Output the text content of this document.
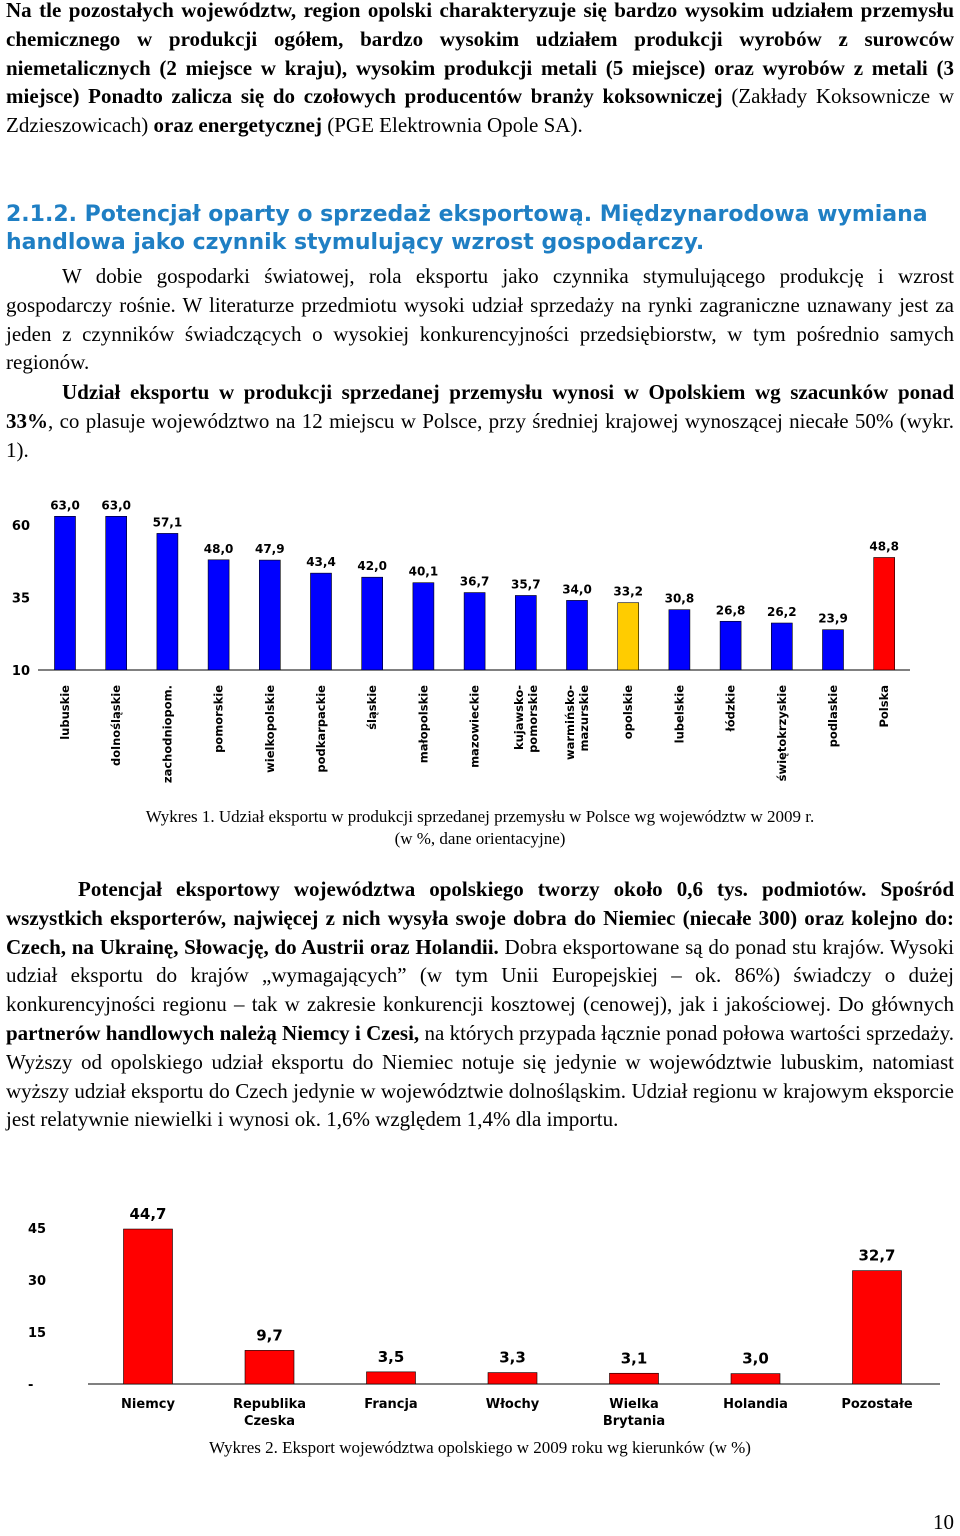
Na tle pozostałych województw, region opolski charakteryzuje się bardzo wysokim udziałem przemysłu chemicznego w produkcji ogółem, bardzo wysokim udziałem produkcji wyrobów z surowców niemetalicznych (2 miejsce w kraju), wysokim produkcji metali (5 miejsce) oraz wyrobów z metali (3 miejsce) Ponadto zalicza się do czołowych producentów branży koksowniczej (Zakłady Koksownicze w Zdzieszowicach) oraz energetycznej (PGE Elektrownia Opole SA).

2.1.2. Potencjał oparty o sprzedaż eksportową. Międzynarodowa wymiana handlowa jako czynnik stymulujący wzrost gospodarczy.

W dobie gospodarki światowej, rola eksportu jako czynnika stymulującego produkcję i wzrost gospodarczy rośnie. W literaturze przedmiotu wysoki udział sprzedaży na rynki zagraniczne uznawany jest za jeden z czynników świadczących o wysokiej konkurencyjności przedsiębiorstw, w tym pośrednio samych regionów.

Udział eksportu w produkcji sprzedanej przemysłu wynosi w Opolskiem wg szacunków ponad 33%, co plasuje województwo na 12 miejscu w Polsce, przy średniej krajowej wynoszącej niecałe 50% (wykr. 1).

10
35
60
63,0
lubuskie
63,0
dolnośląskie
57,1
zachodniopom.
48,0
pomorskie
47,9
wielkopolskie
43,4
podkarpackie
42,0
śląskie
40,1
małopolskie
36,7
mazowieckie
35,7
kujawsko-pomorskie
34,0
warmińsko-mazurskie
33,2
opolskie
30,8
lubelskie
26,8
łódzkie
26,2
świętokrzyskie
23,9
podlaskie
48,8
Polska

Wykres 1. Udział eksportu w produkcji sprzedanej przemysłu w Polsce wg województw w 2009 r.
(w %, dane orientacyjne)

Potencjał eksportowy województwa opolskiego tworzy około 0,6 tys. podmiotów. Spośród wszystkich eksporterów, najwięcej z nich wysyła swoje dobra do Niemiec (niecałe 300) oraz kolejno do: Czech, na Ukrainę, Słowację, do Austrii oraz Holandii. Dobra eksportowane są do ponad stu krajów. Wysoki udział eksportu do krajów „wymagających” (w tym Unii Europejskiej – ok. 86%) świadczy o dużej konkurencyjności regionu – tak w zakresie konkurencji kosztowej (cenowej), jak i jakościowej. Do głównych partnerów handlowych należą Niemcy i Czesi, na których przypada łącznie ponad połowa wartości sprzedaży. Wyższy od opolskiego udział eksportu do Niemiec notuje się jedynie w województwie lubuskim, natomiast wyższy udział eksportu do Czech jedynie w województwie dolnośląskim. Udział regionu w krajowym eksporcie jest relatywnie niewielki i wynosi ok. 1,6% względem 1,4% dla importu.

-
15
30
45
44,7
Niemcy
9,7
Republika
Czeska
3,5
Francja
3,3
Włochy
3,1
Wielka
Brytania
3,0
Holandia
32,7
Pozostałe

Wykres 2. Eksport województwa opolskiego w 2009 roku wg kierunków (w %)

10
